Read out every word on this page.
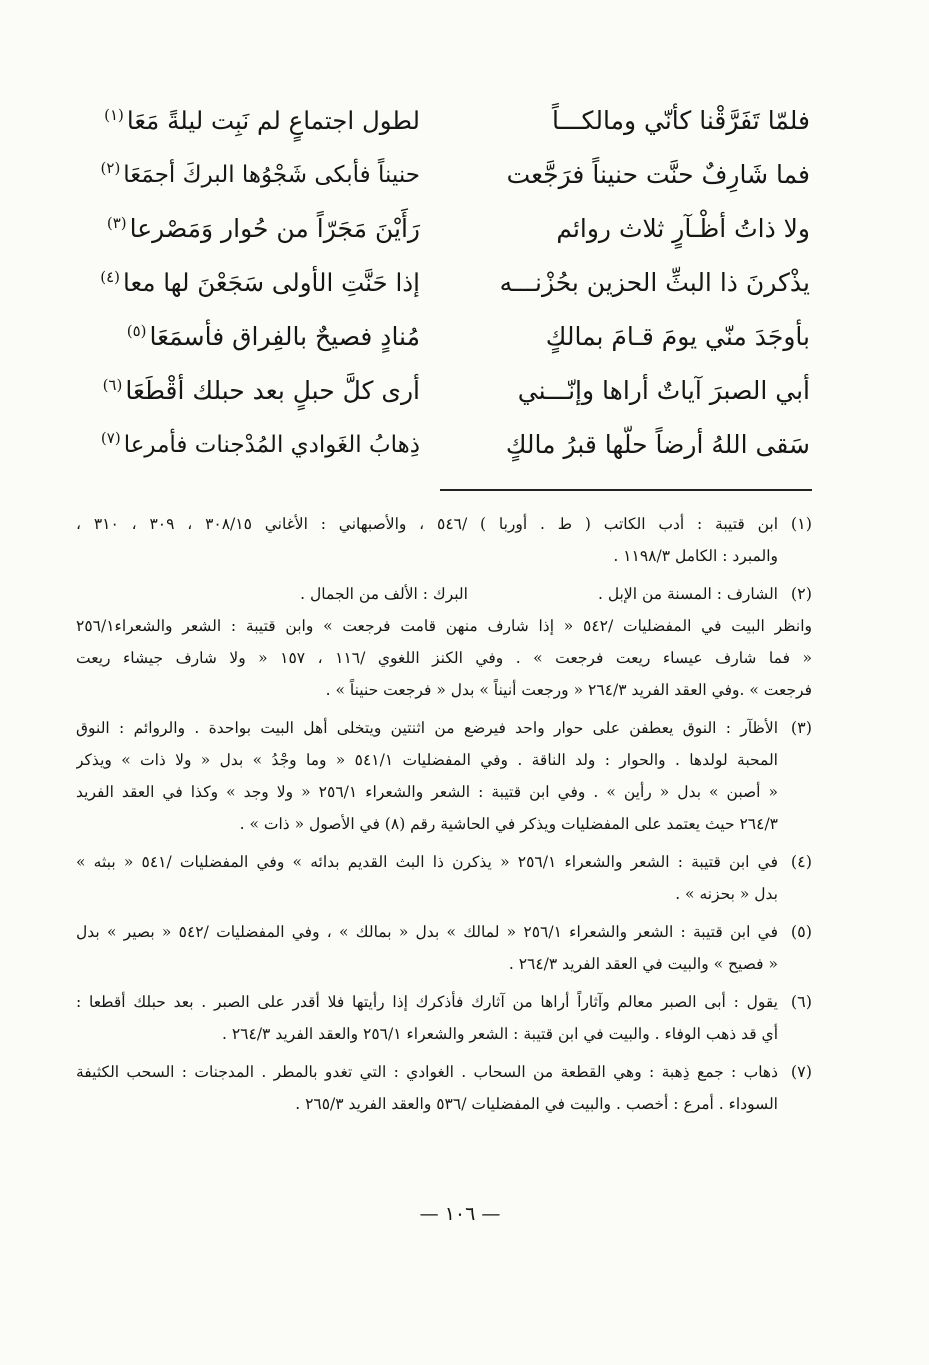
فلمّا تَفَرَّقْنا كأنّي ومالكـــاً
لطول اجتماعٍ لم نَبِت ليلةً مَعَا$^{(١)}$
فما شَارِفٌ حنَّت حنيناً فرَجَّعت
حنيناً فأبكى شَجْوُها البركَ أجمَعَا$^{(٢)}$
ولا ذاتُ أظْـآرٍ ثلاث روائم
رَأَيْنَ مَجَرّاً من حُوار وَمَصْرعا$^{(٣)}$
يذْكرنَ ذا البثِّ الحزين بحُزْنـــه
إذا حَنَّتِ الأولى سَجَعْنَ لها معا$^{(٤)}$
بأوجَدَ منّي يومَ قـامَ بمالكٍ
مُنادٍ فصيحٌ بالفِراق فأسمَعَا$^{(٥)}$
أبي الصبرَ آياتٌ أراها وإنّـــني
أرى كلَّ حبلٍ بعد حبلك أقْطَعَا$^{(٦)}$
سَقى اللهُ أرضاً حلّها قبرُ مالكٍ
ذِهابُ الغَوادي المُدْجنات فأمرعا$^{(٧)}$
(١)
ابن قتيبة : أدب الكاتب ( ط . أوربا ) /٥٤٦ ، والأصبهاني : الأغاني ٣٠٨/١٥ ، ٣٠٩ ، ٣١٠ ،
والمبرد : الكامل ١١٩٨/٣ .
(٢)
الشارف : المسنة من الإبل .
البرك : الألف من الجمال .
وانظر البيت في المفضليات /٥٤٢ « إذا شارف منهن قامت فرجعت » وابن قتيبة : الشعر والشعراء٢٥٦/١
« فما شارف عيساء ريعت فرجعت » . وفي الكنز اللغوي /١١٦ ، ١٥٧ « ولا شارف جيشاء ريعت
فرجعت » .وفي العقد الفريد ٢٦٤/٣ « ورجعت أنيناً » بدل « فرجعت حنيناً » .
(٣)
الأظآر : النوق يعطفن على حوار واحد فيرضع من اثنتين ويتخلى أهل البيت بواحدة . والروائم : النوق
المحبة لولدها . والحوار : ولد الناقة . وفي المفضليات ٥٤١/١ « وما وجْدُ » بدل « ولا ذات » ويذكر
« أصبن » بدل « رأين » . وفي ابن قتيبة : الشعر والشعراء ٢٥٦/١ « ولا وجد » وكذا في العقد الفريد
٢٦٤/٣ حيث يعتمد على المفضليات ويذكر في الحاشية رقم (٨) في الأصول « ذات » .
(٤)
في ابن قتيبة : الشعر والشعراء ٢٥٦/١ « يذكرن ذا البث القديم بدائه » وفي المفضليات /٥٤١ « ببثه »
بدل « بحزنه » .
(٥)
في ابن قتيبة : الشعر والشعراء ٢٥٦/١ « لمالك » بدل « بمالك » ، وفي المفضليات /٥٤٢ « بصير » بدل
« فصيح » والبيت في العقد الفريد ٢٦٤/٣ .
(٦)
يقول : أبى الصبر معالم وآثاراً أراها من آثارك فأذكرك إذا رأيتها فلا أقدر على الصبر . بعد حبلك أقطعا :
أي قد ذهب الوفاء . والبيت في ابن قتيبة : الشعر والشعراء ٢٥٦/١ والعقد الفريد ٢٦٤/٣ .
(٧)
ذهاب : جمع ذِهبة : وهي القطعة من السحاب . الغوادي : التي تغدو بالمطر . المدجنات : السحب الكثيفة
السوداء . أمرع : أخصب . والبيت في المفضليات /٥٣٦ والعقد الفريد ٢٦٥/٣ .
— ١٠٦ —
